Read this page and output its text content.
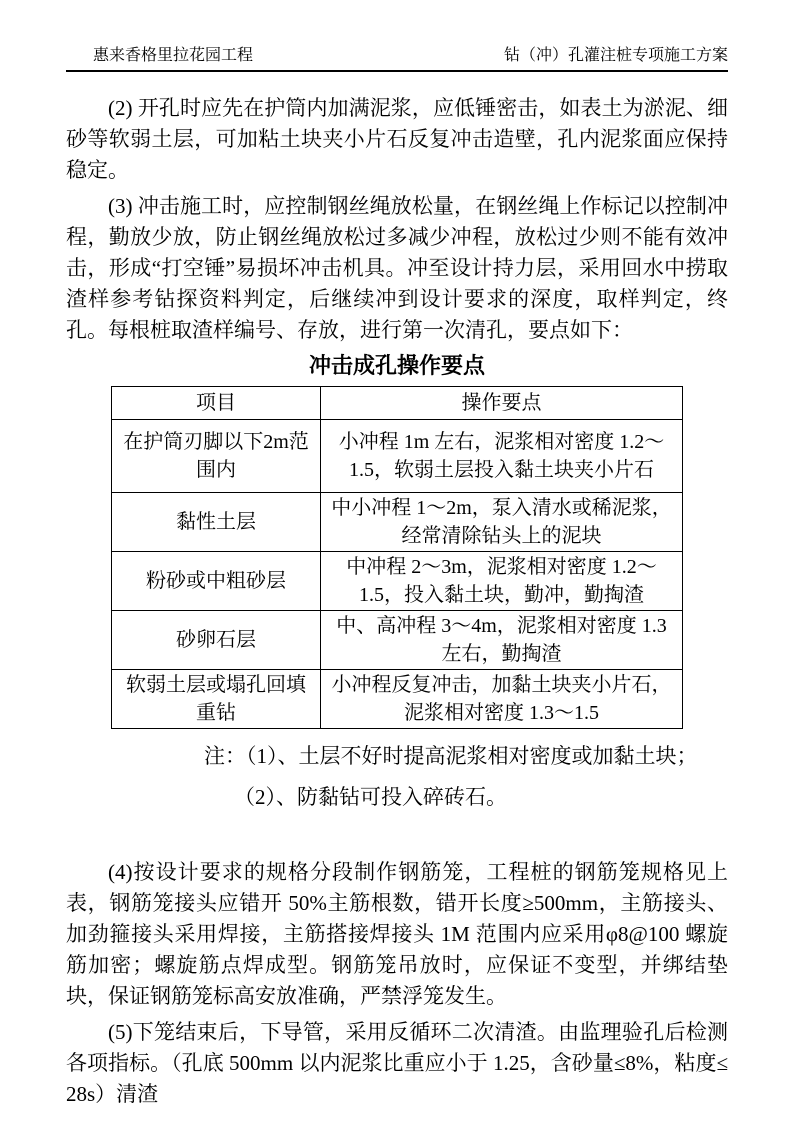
惠来香格里拉花园工程	钻（冲）孔灌注桩专项施工方案

(2) 开孔时应先在护筒内加满泥浆，应低锤密击，如表土为淤泥、细砂等软弱土层，可加粘土块夹小片石反复冲击造壁，孔内泥浆面应保持稳定。

(3) 冲击施工时，应控制钢丝绳放松量，在钢丝绳上作标记以控制冲程，勤放少放，防止钢丝绳放松过多减少冲程，放松过少则不能有效冲击，形成“打空锤”易损坏冲击机具。冲至设计持力层，采用回水中捞取渣样参考钻探资料判定，后继续冲到设计要求的深度，取样判定，终孔。每根桩取渣样编号、存放，进行第一次清孔，要点如下：

冲击成孔操作要点
项目	操作要点
在护筒刃脚以下2m范围内	小冲程 1m 左右，泥浆相对密度 1.2～1.5，软弱土层投入黏土块夹小片石
黏性土层	中小冲程 1～2m，泵入清水或稀泥浆，经常清除钻头上的泥块
粉砂或中粗砂层	中冲程 2～3m，泥浆相对密度 1.2～1.5，投入黏土块，勤冲，勤掏渣
砂卵石层	中、高冲程 3～4m，泥浆相对密度 1.3 左右，勤掏渣
软弱土层或塌孔回填重钻	小冲程反复冲击，加黏土块夹小片石，泥浆相对密度 1.3～1.5

注：（1）、土层不好时提高泥浆相对密度或加黏土块；

（2）、防黏钻可投入碎砖石。

(4)按设计要求的规格分段制作钢筋笼，工程桩的钢筋笼规格见上表，钢筋笼接头应错开 50%主筋根数，错开长度≥500mm，主筋接头、加劲箍接头采用焊接，主筋搭接焊接头 1M 范围内应采用φ8@100 螺旋筋加密；螺旋筋点焊成型。钢筋笼吊放时，应保证不变型，并绑结垫块，保证钢筋笼标高安放准确，严禁浮笼发生。

(5)下笼结束后，下导管，采用反循环二次清渣。由监理验孔后检测各项指标。（孔底 500mm 以内泥浆比重应小于 1.25，含砂量≤8%，粘度≤28s）清渣
